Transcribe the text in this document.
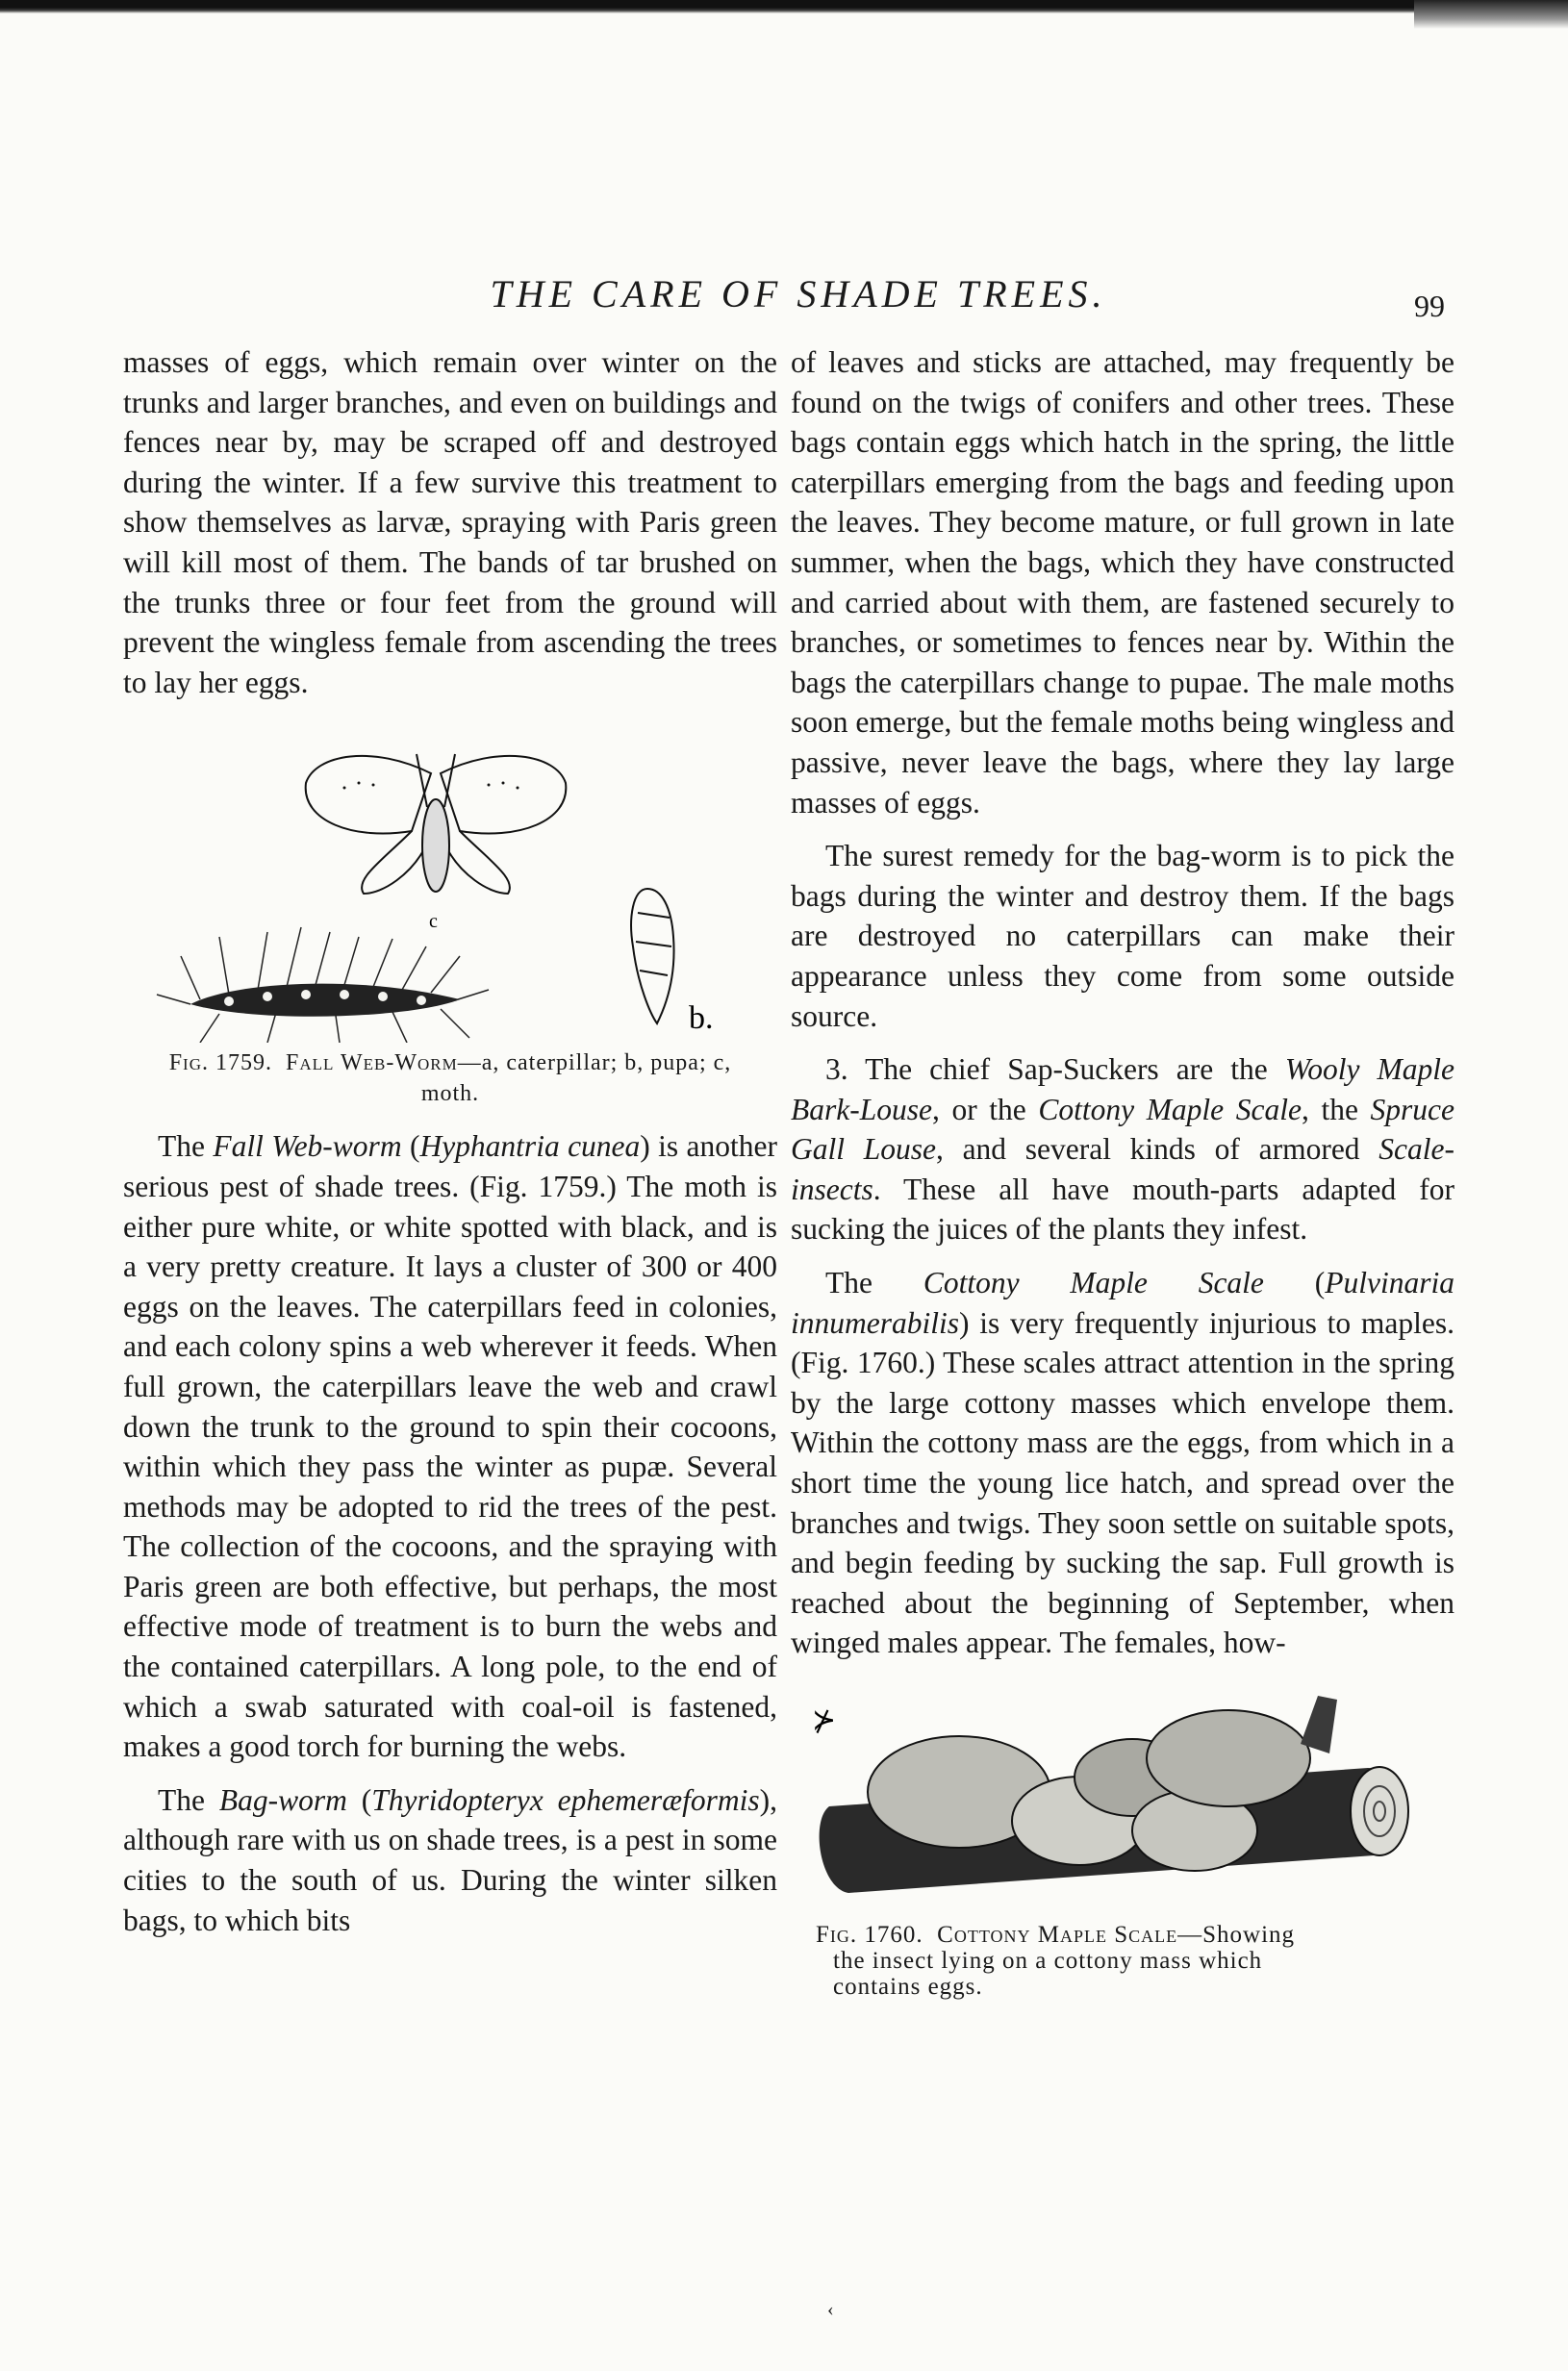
THE CARE OF SHADE TREES.	99

masses of eggs, which remain over winter on the trunks and larger branches, and even on buildings and fences near by, may be scraped off and destroyed during the winter. If a few survive this treatment to show themselves as larvæ, spraying with Paris green will kill most of them. The bands of tar brushed on the trunks three or four feet from the ground will prevent the wingless female from ascending the trees to lay her eggs.

c
b.
Fig. 1759. Fall Web-Worm—a, caterpillar; b, pupa; c, moth.

The Fall Web-worm (Hyphantria cunea) is another serious pest of shade trees. (Fig. 1759.) The moth is either pure white, or white spotted with black, and is a very pretty creature. It lays a cluster of 300 or 400 eggs on the leaves. The caterpillars feed in colonies, and each colony spins a web wherever it feeds. When full grown, the caterpillars leave the web and crawl down the trunk to the ground to spin their cocoons, within which they pass the winter as pupæ. Several methods may be adopted to rid the trees of the pest. The collection of the cocoons, and the spraying with Paris green are both effective, but perhaps, the most effective mode of treatment is to burn the webs and the contained caterpillars. A long pole, to the end of which a swab saturated with coal-oil is fastened, makes a good torch for burning the webs.

The Bag-worm (Thyridopteryx ephemeræformis), although rare with us on shade trees, is a pest in some cities to the south of us. During the winter silken bags, to which bits

of leaves and sticks are attached, may frequently be found on the twigs of conifers and other trees. These bags contain eggs which hatch in the spring, the little caterpillars emerging from the bags and feeding upon the leaves. They become mature, or full grown in late summer, when the bags, which they have constructed and carried about with them, are fastened securely to branches, or sometimes to fences near by. Within the bags the caterpillars change to pupae. The male moths soon emerge, but the female moths being wingless and passive, never leave the bags, where they lay large masses of eggs.

The surest remedy for the bag-worm is to pick the bags during the winter and destroy them. If the bags are destroyed no caterpillars can make their appearance unless they come from some outside source.

3. The chief Sap-Suckers are the Wooly Maple Bark-Louse, or the Cottony Maple Scale, the Spruce Gall Louse, and several kinds of armored Scale-insects. These all have mouth-parts adapted for sucking the juices of the plants they infest.

The Cottony Maple Scale (Pulvinaria innumerabilis) is very frequently injurious to maples. (Fig. 1760.) These scales attract attention in the spring by the large cottony masses which envelope them. Within the cottony mass are the eggs, from which in a short time the young lice hatch, and spread over the branches and twigs. They soon settle on suitable spots, and begin feeding by sucking the sap. Full growth is reached about the beginning of September, when winged males appear. The females, how-

⊁
Fig. 1760. Cottony Maple Scale—Showing
the insect lying on a cottony mass which
contains eggs.
‹
